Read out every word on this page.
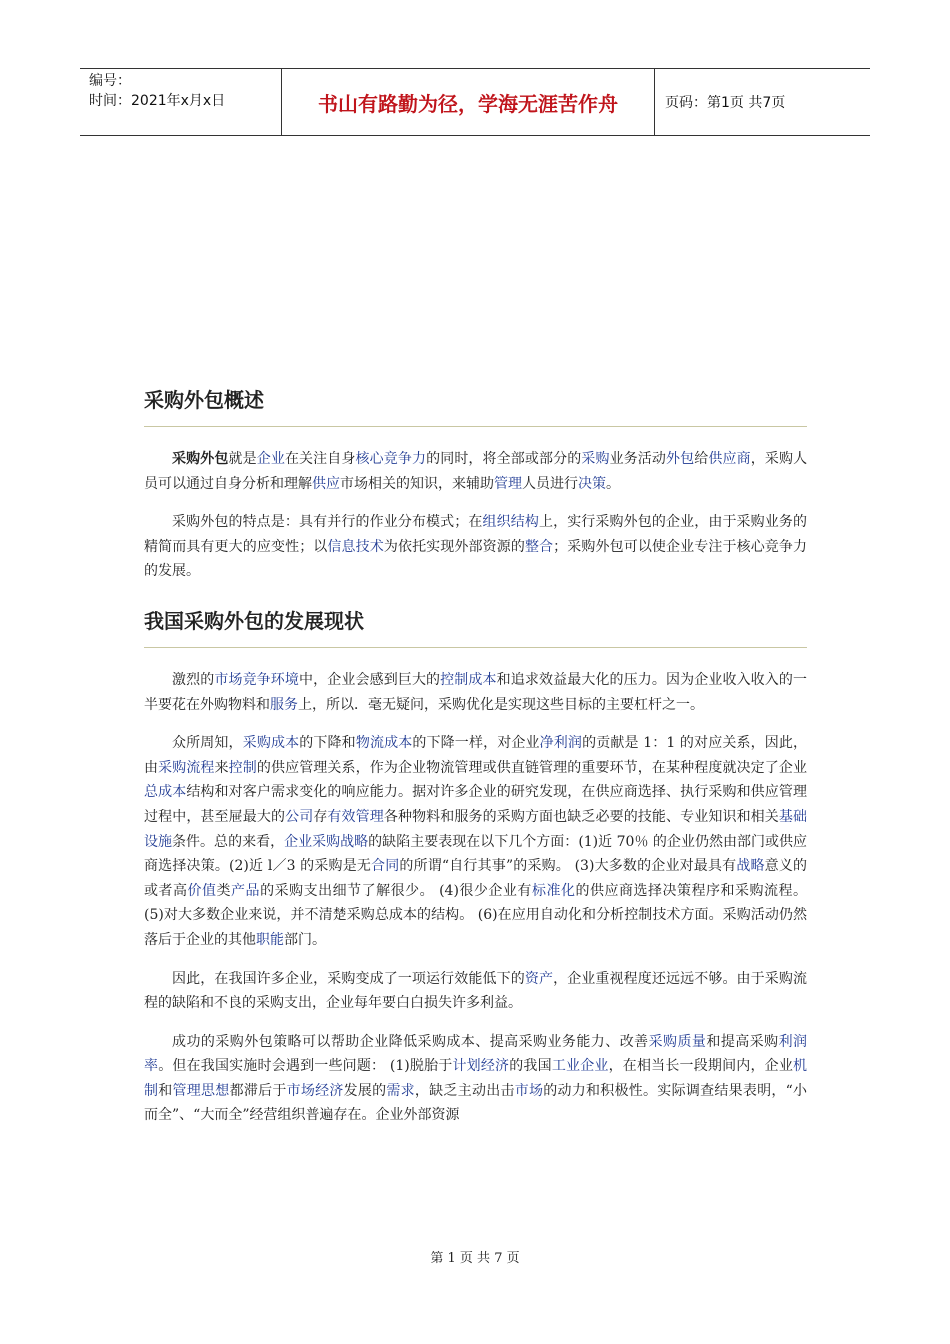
编号：
时间：2021年x月x日	书山有路勤为径，学海无涯苦作舟	页码：第1页 共7页
采购外包概述

采购外包就是企业在关注自身核心竞争力的同时，将全部或部分的采购业务活动外包给供应商，采购人员可以通过自身分析和理解供应市场相关的知识，来辅助管理人员进行决策。

采购外包的特点是：具有并行的作业分布模式；在组织结构上，实行采购外包的企业，由于采购业务的精简而具有更大的应变性；以信息技术为依托实现外部资源的整合；采购外包可以使企业专注于核心竞争力的发展。

我国采购外包的发展现状

激烈的市场竞争环境中，企业会感到巨大的控制成本和追求效益最大化的压力。因为企业收入收入的一半要花在外购物料和服务上，所以．毫无疑问，采购优化是实现这些目标的主要杠杆之一。

众所周知，采购成本的下降和物流成本的下降一样，对企业净利润的贡献是 1：1 的对应关系，因此，由采购流程来控制的供应管理关系，作为企业物流管理或供直链管理的重要环节，在某种程度就决定了企业总成本结构和对客户需求变化的响应能力。据对许多企业的研究发现，在供应商选择、执行采购和供应管理过程中，甚至屉最大的公司存有效管理各种物料和服务的采购方面也缺乏必要的技能、专业知识和相关基础设施条件。总的来看，企业采购战略的缺陷主要表现在以下几个方面：(1)近 70％ 的企业仍然由部门或供应商选择决策。(2)近 l／3 的采购是无合同的所谓“自行其事”的采购。 (3)大多数的企业对最具有战略意义的或者高价值类产品的采购支出细节了解很少。 (4)很少企业有标准化的供应商选择决策程序和采购流程。 (5)对大多数企业来说，并不清楚采购总成本的结构。 (6)在应用自动化和分析控制技术方面。采购活动仍然落后于企业的其他职能部门。

因此，在我国许多企业，采购变成了一项运行效能低下的资产，企业重视程度还远远不够。由于采购流程的缺陷和不良的采购支出，企业每年要白白损失许多利益。

成功的采购外包策略可以帮助企业降低采购成本、提高采购业务能力、改善采购质量和提高采购利润率。但在我国实施时会遇到一些问题： (1)脱胎于计划经济的我国工业企业，在相当长一段期间内，企业机制和管理思想都滞后于市场经济发展的需求，缺乏主动出击市场的动力和积极性。实际调查结果表明，“小而全”、“大而全”经营组织普遍存在。企业外部资源

第 1 页 共 7 页
